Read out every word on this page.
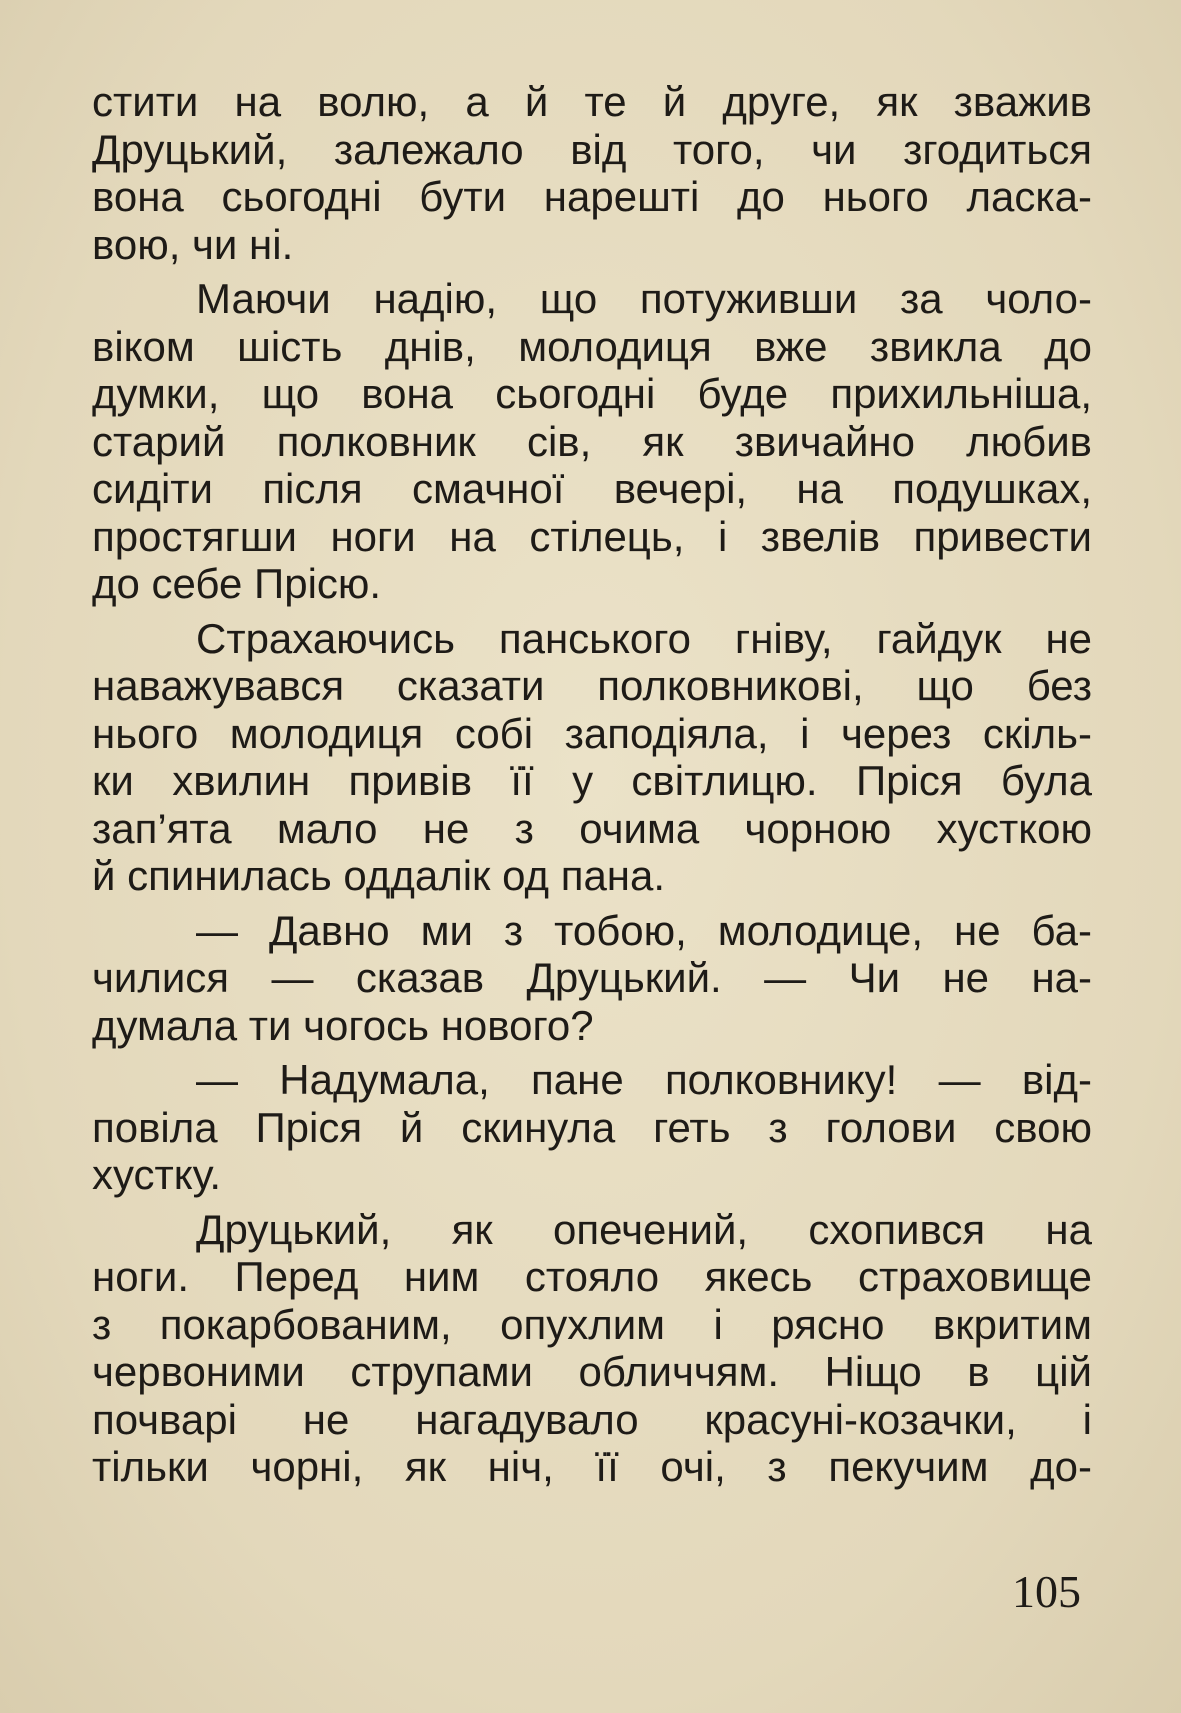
стити на волю, а й те й друге, як зважив
Друцький, залежало від того, чи згодиться
вона сьогодні бути нарешті до нього ласка-
вою, чи ні.
Маючи надію, що потуживши за чоло-
віком шість днів, молодиця вже звикла до
думки, що вона сьогодні буде прихильніша,
старий полковник сів, як звичайно любив
сидіти після смачної вечері, на подушках,
простягши ноги на стілець, і звелів привести
до себе Прісю.
Страхаючись панського гніву, гайдук не
наважувався сказати полковникові, що без
нього молодиця собі заподіяла, і через скіль-
ки хвилин привів її у світлицю. Пріся була
зап’ята мало не з очима чорною хусткою
й спинилась оддалік од пана.
— Давно ми з тобою, молодице, не ба-
чилися — сказав Друцький. — Чи не на-
думала ти чогось нового?
— Надумала, пане полковнику! — від-
повіла Пріся й скинула геть з голови свою
хустку.
Друцький, як опечений, схопився на
ноги. Перед ним стояло якесь страховище
з покарбованим, опухлим і рясно вкритим
червоними струпами обличчям. Ніщо в цій
почварі не нагадувало красуні-козачки, і
тільки чорні, як ніч, її очі, з пекучим до-
105
